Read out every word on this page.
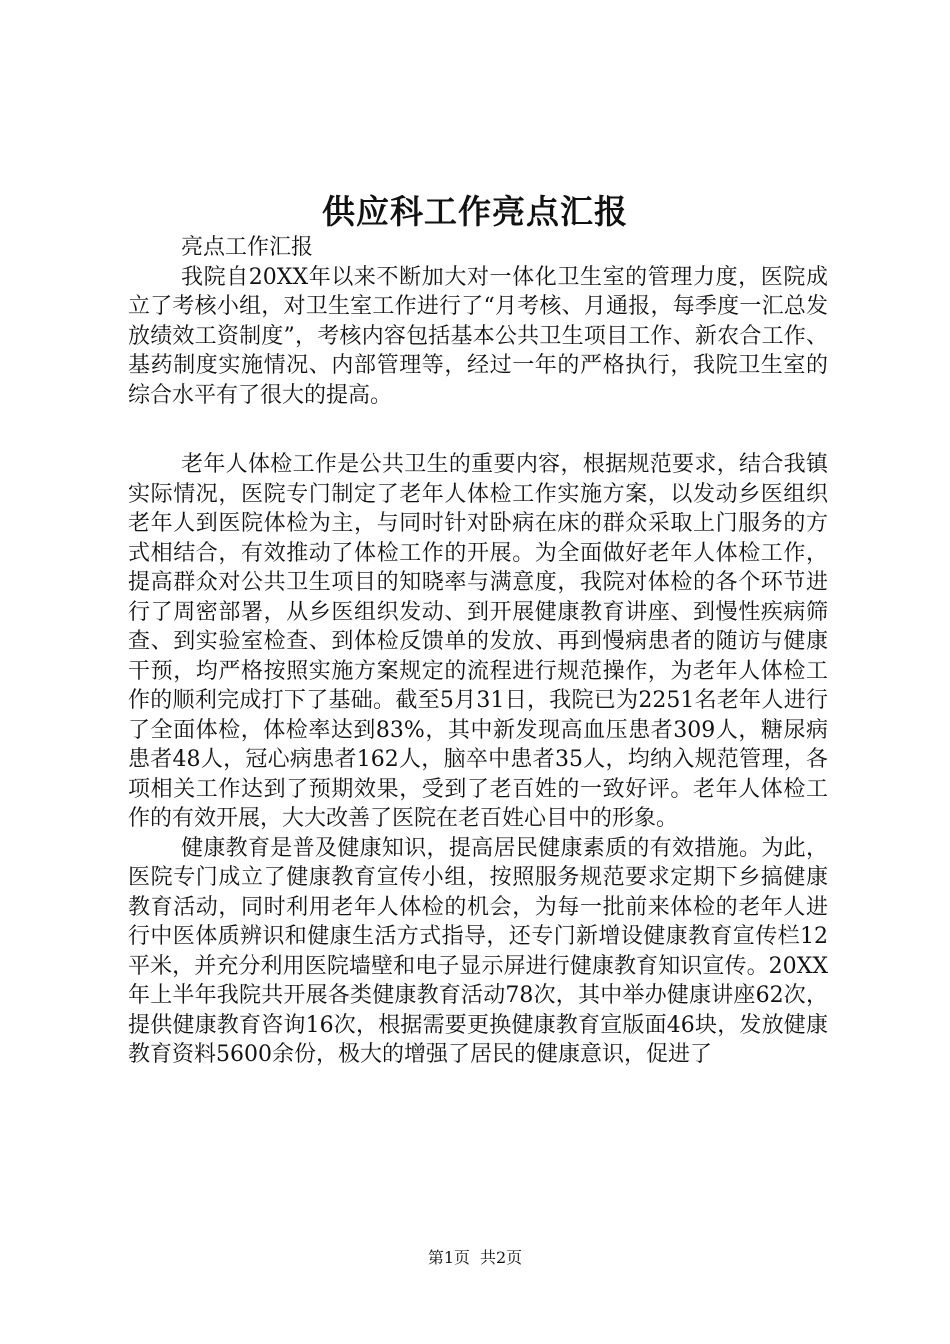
供应科工作亮点汇报

亮点工作汇报

我院自20XX年以来不断加大对一体化卫生室的管理力度，医院成立了考核小组，对卫生室工作进行了“月考核、月通报，每季度一汇总发放绩效工资制度”，考核内容包括基本公共卫生项目工作、新农合工作、基药制度实施情况、内部管理等，经过一年的严格执行，我院卫生室的综合水平有了很大的提高。

老年人体检工作是公共卫生的重要内容，根据规范要求，结合我镇实际情况，医院专门制定了老年人体检工作实施方案，以发动乡医组织老年人到医院体检为主，与同时针对卧病在床的群众采取上门服务的方式相结合，有效推动了体检工作的开展。为全面做好老年人体检工作，提高群众对公共卫生项目的知晓率与满意度，我院对体检的各个环节进行了周密部署，从乡医组织发动、到开展健康教育讲座、到慢性疾病筛查、到实验室检查、到体检反馈单的发放、再到慢病患者的随访与健康干预，均严格按照实施方案规定的流程进行规范操作，为老年人体检工作的顺利完成打下了基础。截至5月31日，我院已为2251名老年人进行了全面体检，体检率达到83%，其中新发现高血压患者309人，糖尿病患者48人，冠心病患者162人，脑卒中患者35人，均纳入规范管理，各项相关工作达到了预期效果，受到了老百姓的一致好评。老年人体检工作的有效开展，大大改善了医院在老百姓心目中的形象。

健康教育是普及健康知识，提高居民健康素质的有效措施。为此，医院专门成立了健康教育宣传小组，按照服务规范要求定期下乡搞健康教育活动，同时利用老年人体检的机会，为每一批前来体检的老年人进行中医体质辨识和健康生活方式指导，还专门新增设健康教育宣传栏12平米，并充分利用医院墙壁和电子显示屏进行健康教育知识宣传。20XX年上半年我院共开展各类健康教育活动78次，其中举办健康讲座62次，提供健康教育咨询16次，根据需要更换健康教育宣版面46块，发放健康教育资料5600余份，极大的增强了居民的健康意识，促进了

第1页 共2页
